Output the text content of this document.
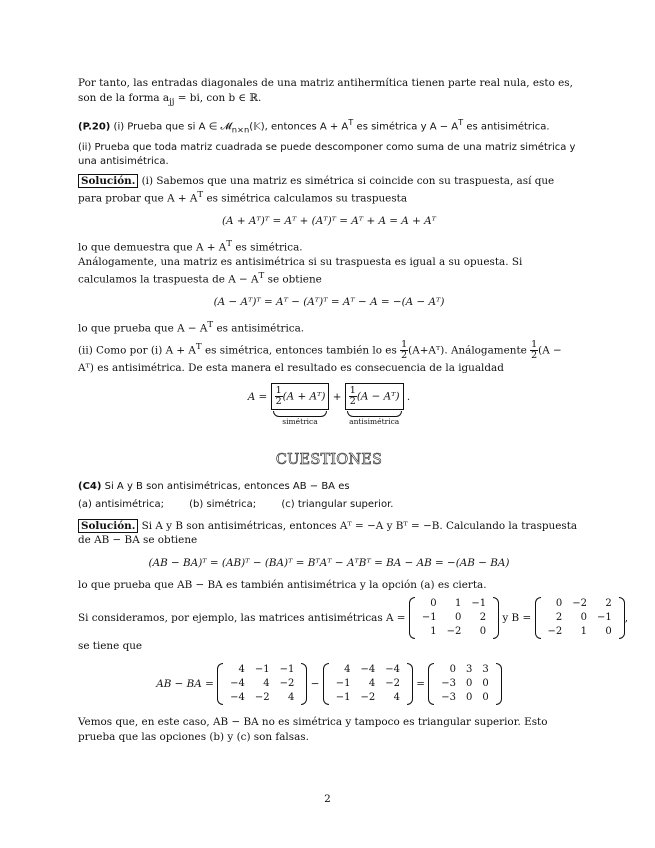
Por tanto, las entradas diagonales de una matriz antihermítica tienen parte real nula, esto es, son de la forma $a_{jj}$ = bi, con b ∈ ℝ.

(P.20) (i) Prueba que si A ∈ 𝓜$_{n\times n}$(𝕂), entonces $A + A^T$ es simétrica y $A - A^T$ es antisimétrica.

(ii) Prueba que toda matriz cuadrada se puede descomponer como suma de una matriz simétrica y una antisimétrica.

Solución. (i) Sabemos que una matriz es simétrica si coincide con su traspuesta, así que para probar que $A + A^T$ es simétrica calculamos su traspuesta

(A + Aᵀ)ᵀ = Aᵀ + (Aᵀ)ᵀ = Aᵀ + A = A + Aᵀ

lo que demuestra que $A + A^T$ es simétrica.

Análogamente, una matriz es antisimétrica si su traspuesta es igual a su opuesta. Si calculamos la traspuesta de $A - A^T$ se obtiene

(A − Aᵀ)ᵀ = Aᵀ − (Aᵀ)ᵀ = Aᵀ − A = −(A − Aᵀ)

lo que prueba que $A - A^T$ es antisimétrica.

(ii) Como por (i) $A + A^T$ es simétrica, entonces también lo es $\frac{1}{2}$ (A+Aᵀ). Análogamente $\frac{1}{2} (A$ − Aᵀ) es antisimétrica. De esta manera el resultado es consecuencia de la igualdad

$A = \frac{1}{2} (A$ + Aᵀ)
simétrica
+ $\frac{1}{2} (A$ − Aᵀ)
antisimétrica
.
CUESTIONES

(C4) Si A y B son antisimétricas, entonces AB − BA es

(a) antisimétrica;	(b) simétrica;	(c) triangular superior.

Solución. Si A y B son antisimétricas, entonces Aᵀ = −A y Bᵀ = −B. Calculando la traspuesta de AB − BA se obtiene

(AB − BA)ᵀ = (AB)ᵀ − (BA)ᵀ = BᵀAᵀ − AᵀBᵀ = BA − AB = −(AB − BA)

lo que prueba que AB − BA es también antisimétrica y la opción (a) es cierta.

Si consideramos, por ejemplo, las matrices antisimétricas A =
0	1	−1
−1	0	2
1	−2	0
y B =
0	−2	2
2	0	−1
−2	1	0
,

se tiene que

AB − BA =
4	−1	−1
−4	4	−2
−4	−2	4
−
4	−4	−4
−1	4	−2
−1	−2	4
=
0	3	3
−3	0	0
−3	0	0

Vemos que, en este caso, AB − BA no es simétrica y tampoco es triangular superior. Esto prueba que las opciones (b) y (c) son falsas.

2
